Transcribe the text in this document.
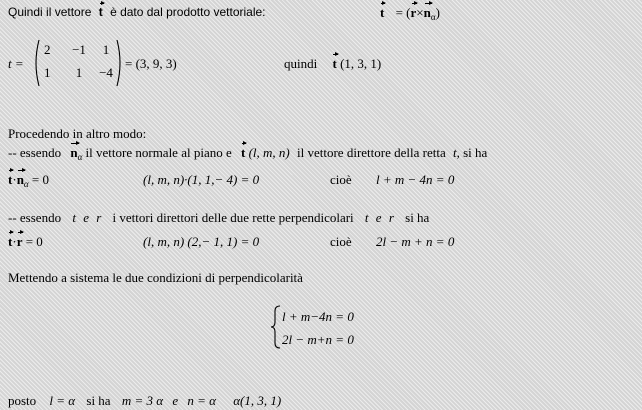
Quindi il vettore t è dato dal prodotto vettoriale:	$t = (r\times n_\alpha)$
t =
2 −1 1
1 1 −4
= (3, 9, 3)	quindi t (1, 3, 1)
Procedendo in altro modo:
-- essendo $n_\alpha$ il vettore normale al piano e t (l, m, n) il vettore direttore della retta t, si ha
$t\cdot n_\alpha = 0$	(l, m, n)·(1, 1,− 4) = 0	cioè l + m − 4n = 0
-- essendo t e r i vettori direttori delle due rette perpendicolari t e r si ha
t·r = 0	(l, m, n) (2,− 1, 1) = 0	cioè 2l − m + n = 0
Mettendo a sistema le due condizioni di perpendicolarità
l + m−4n = 0
2l − m+n = 0
posto l = α si ha m = 3 α e n = α α(1, 3, 1)
